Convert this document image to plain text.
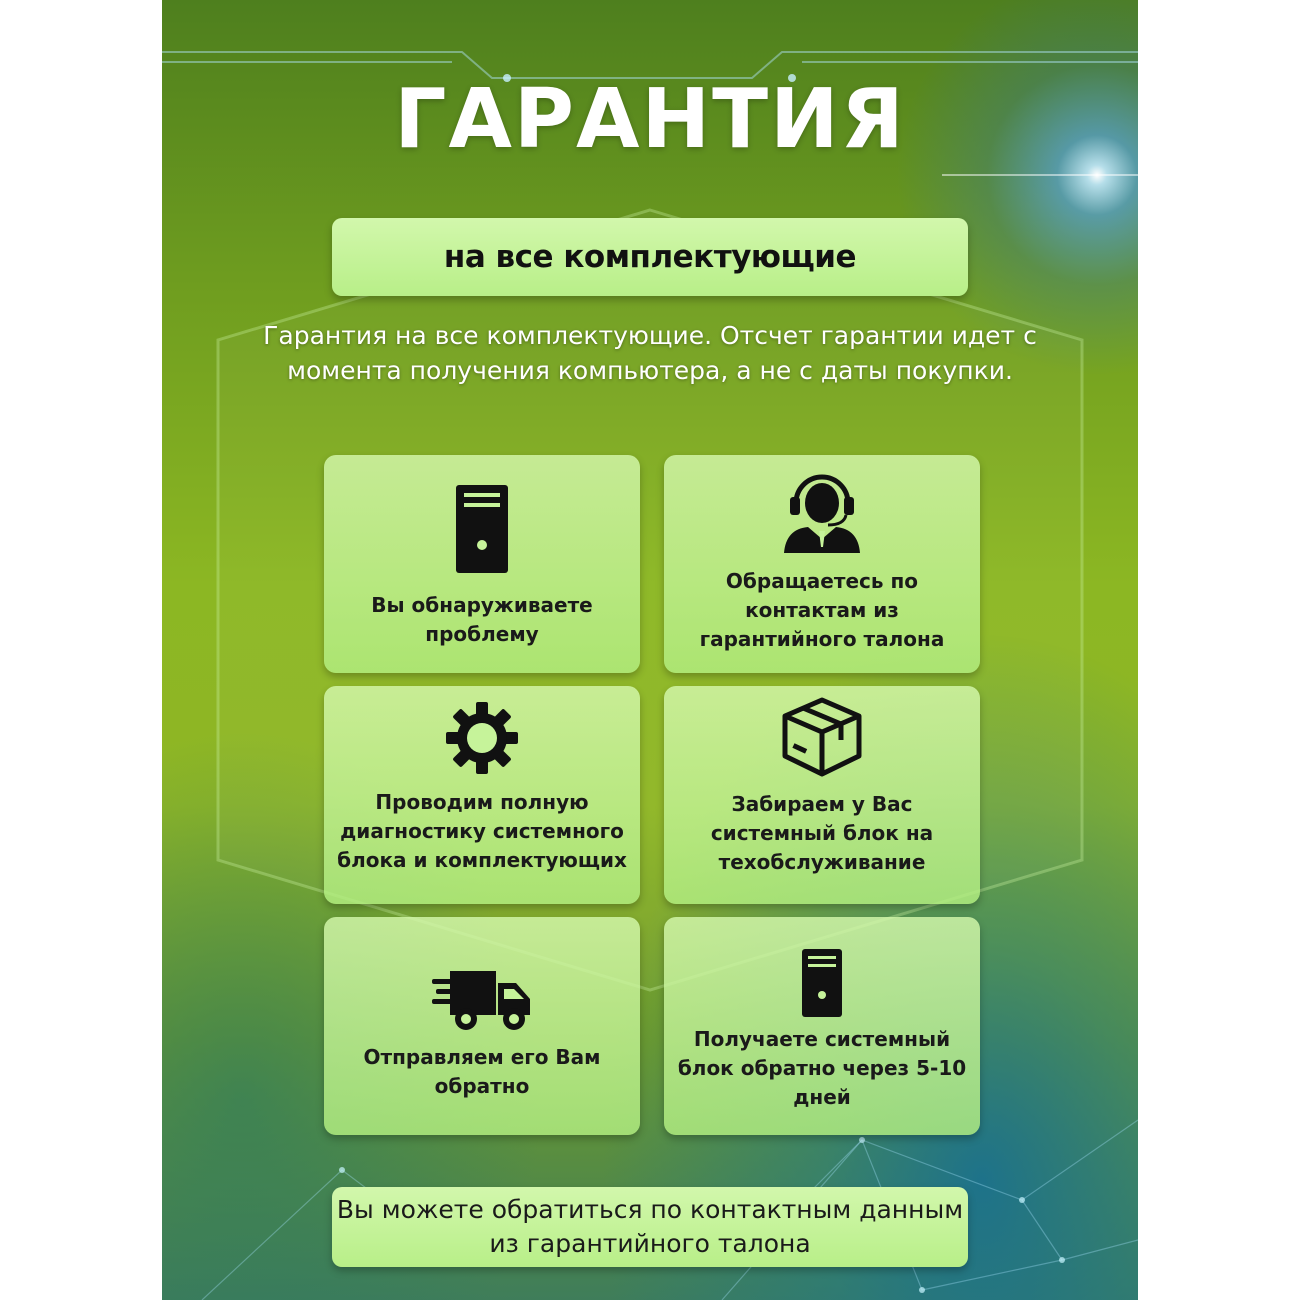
ГАРАНТИЯ
на все комплектующие
Гарантия на все комплектующие. Отсчет гарантии идет с момента получения компьютера, а не с даты покупки.
Вы обнаруживаете проблему
Обращаетесь по контактам из гарантийного талона
Проводим полную диагностику системного блока и комплектующих
Забираем у Вас системный блок на техобслуживание
Отправляем его Вам обратно
Получаете системный блок обратно через 5-10 дней
Вы можете обратиться по контактным данным из гарантийного талона
